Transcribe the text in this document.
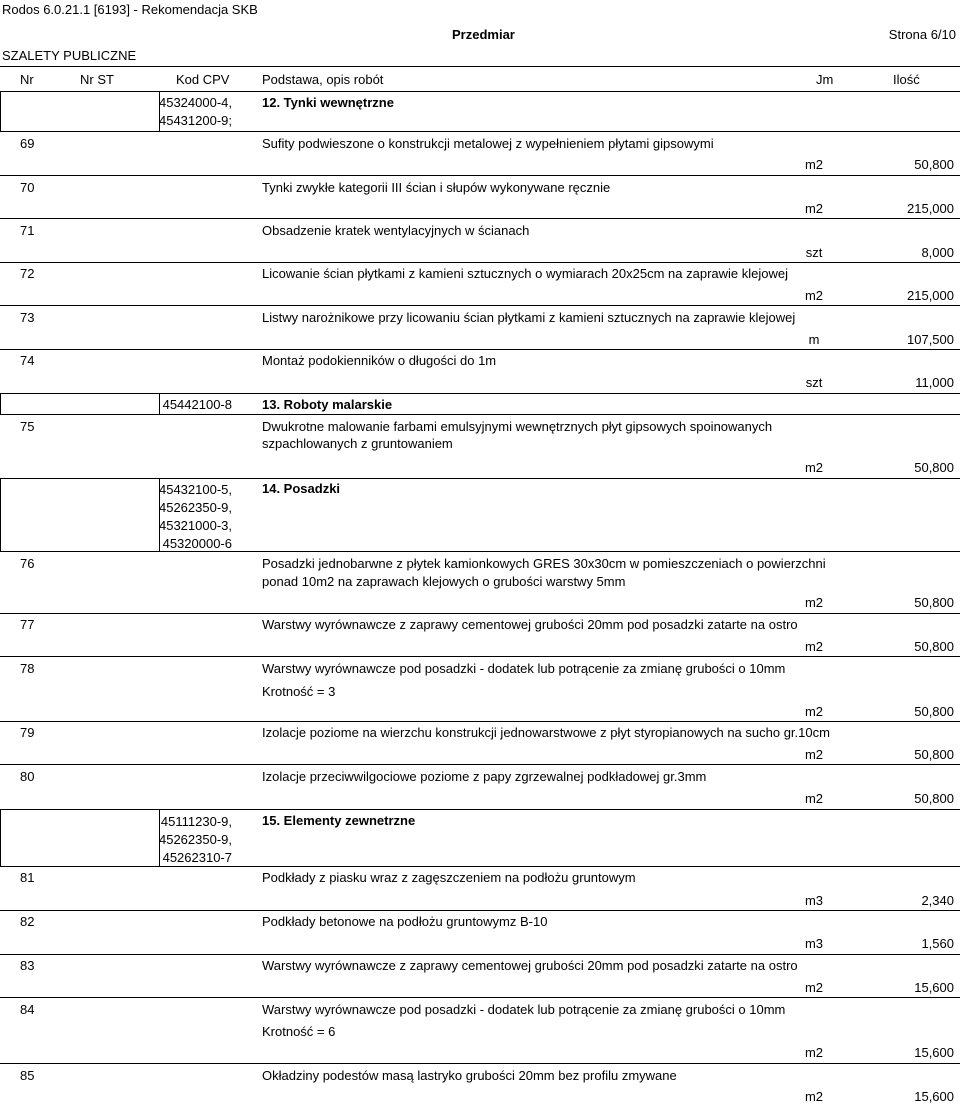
Rodos 6.0.21.1 [6193] - Rekomendacja SKB
Przedmiar	Strona 6/10
SZALETY PUBLICZNE
Nr	Nr ST	Kod CPV	Podstawa, opis robót	Jm	Ilość
45324000-4,
45431200-9;
12. Tynki wewnętrzne
69	Sufity podwieszone o konstrukcji metalowej z wypełnieniem płytami gipsowymi
m2	50,800
70	Tynki zwykłe kategorii III ścian i słupów wykonywane ręcznie
m2	215,000
71	Obsadzenie kratek wentylacyjnych w ścianach
szt	8,000
72	Licowanie ścian płytkami z kamieni sztucznych o wymiarach 20x25cm na zaprawie klejowej
m2	215,000
73	Listwy narożnikowe przy licowaniu ścian płytkami z kamieni sztucznych na zaprawie klejowej
m	107,500
74	Montaż podokienników o długości do 1m
szt	11,000
45442100-8 13. Roboty malarskie
75	Dwukrotne malowanie farbami emulsyjnymi wewnętrznych płyt gipsowych spoinowanych
szpachlowanych z gruntowaniem
m2	50,800
45432100-5,
45262350-9,
45321000-3,
45320000-6
14. Posadzki
76	Posadzki jednobarwne z płytek kamionkowych GRES 30x30cm w pomieszczeniach o powierzchni
ponad 10m2 na zaprawach klejowych o grubości warstwy 5mm
m2	50,800
77	Warstwy wyrównawcze z zaprawy cementowej grubości 20mm pod posadzki zatarte na ostro
m2	50,800
78	Warstwy wyrównawcze pod posadzki - dodatek lub potrącenie za zmianę grubości o 10mm
Krotność = 3
m2	50,800
79	Izolacje poziome na wierzchu konstrukcji jednowarstwowe z płyt styropianowych na sucho gr.10cm
m2	50,800
80	Izolacje przeciwwilgociowe poziome z papy zgrzewalnej podkładowej gr.3mm
m2	50,800
45111230-9,
45262350-9,
45262310-7
15. Elementy zewnetrzne
81	Podkłady z piasku wraz z zagęszczeniem na podłożu gruntowym
m3	2,340
82	Podkłady betonowe na podłożu gruntowymz B-10
m3	1,560
83	Warstwy wyrównawcze z zaprawy cementowej grubości 20mm pod posadzki zatarte na ostro
m2	15,600
84	Warstwy wyrównawcze pod posadzki - dodatek lub potrącenie za zmianę grubości o 10mm
Krotność = 6
m2	15,600
85	Okładziny podestów masą lastryko grubości 20mm bez profilu zmywane
m2	15,600
